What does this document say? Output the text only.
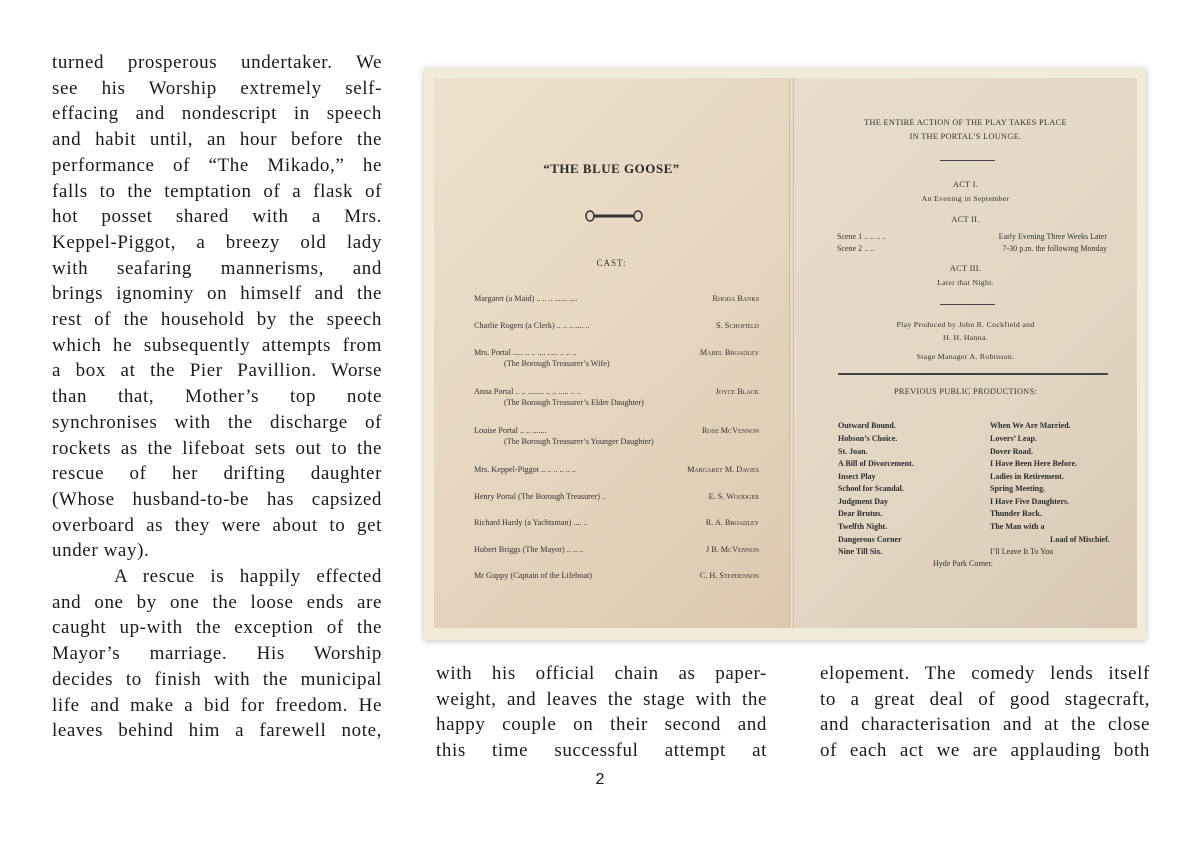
turned prosperous undertaker. We

see his Worship extremely self-

effacing and nondescript in speech

and habit until, an hour before the

performance of “The Mikado,” he

falls to the temptation of a flask of

hot posset shared with a Mrs.

Keppel-Piggot, a breezy old lady

with seafaring mannerisms, and

brings ignominy on himself and the

rest of the household by the speech

which he subsequently attempts from

a box at the Pier Pavillion. Worse

than that, Mother’s top note

synchronises with the discharge of

rockets as the lifeboat sets out to the

rescue of her drifting daughter

(Whose husband-to-be has capsized

overboard as they were about to get

under way).

A rescue is happily effected

and one by one the loose ends are

caught up-with the exception of the

Mayor’s marriage. His Worship

decides to finish with the municipal

life and make a bid for freedom. He

leaves behind him a farewell note,

“THE BLUE GOOSE”
CAST:
Margaret (a Maid) .. .. .. ...... ....	Rhoda Banks
Charlie Rogers (a Clerk) .. .. .. .... ..	S. Schofield
Mrs. Portal ..... .. .. .... ..... .. .. ..	Mabel Broadley
(The Borough Treasurer’s Wife)
Anna Portal .. .. ........ .. .. ..... .. ..	Joyce Black
(The Borough Treasurer’s Elder Daughter)
Louise Portal .. .. .......	Rose McVennon
(The Borough Treasurer’s Younger Daughter)
Mrs. Keppel-Piggot .. .. .. .. .. ..	Margaret M. Davies
Henry Portal (The Borough Treasurer) ..	E. S. Woodger
Richard Hardy (a Yachtsman) .... ..	R. A. Broadley
Hubert Briggs (The Mayor) .. .. ..	J B. McVennon
Mr Guppy (Captain of the Lifeboat)	C. H. Stephenson
THE ENTIRE ACTION OF THE PLAY TAKES PLACE
IN THE PORTAL’S LOUNGE.
ACT I.
An Evening in September
ACT II.
Scene 1 .. .. .. ..	Early Evening Three Weeks Later
Scene 2 .. ..	7-30 p.m. the following Monday
ACT III.
Later that Night.
Play Produced by John R. Cockfield and
H. H. Hanna.
Stage Manager A. Robinson.
PREVIOUS PUBLIC PRODUCTIONS:
Outward Bound.
Hobson’s Choice.
St. Joan.
A Bill of Divorcement.
Insect Play
School for Scandal.
Judgment Day
Dear Brutus.
Twelfth Night.
Dangerous Corner
Nine Till Six.
When We Are Married.
Lovers’ Leap.
Dover Road.
I Have Been Here Before.
Ladies in Retirement.
Spring Meeting.
I Have Five Daughters.
Thunder Rock.
The Man with a
Load of Mischief.
I’ll Leave It To You
Hyde Park Corner.

with his official chain as paper-

weight, and leaves the stage with the

happy couple on their second and

this time successful attempt at

elopement. The comedy lends itself

to a great deal of good stagecraft,

and characterisation and at the close

of each act we are applauding both

2
